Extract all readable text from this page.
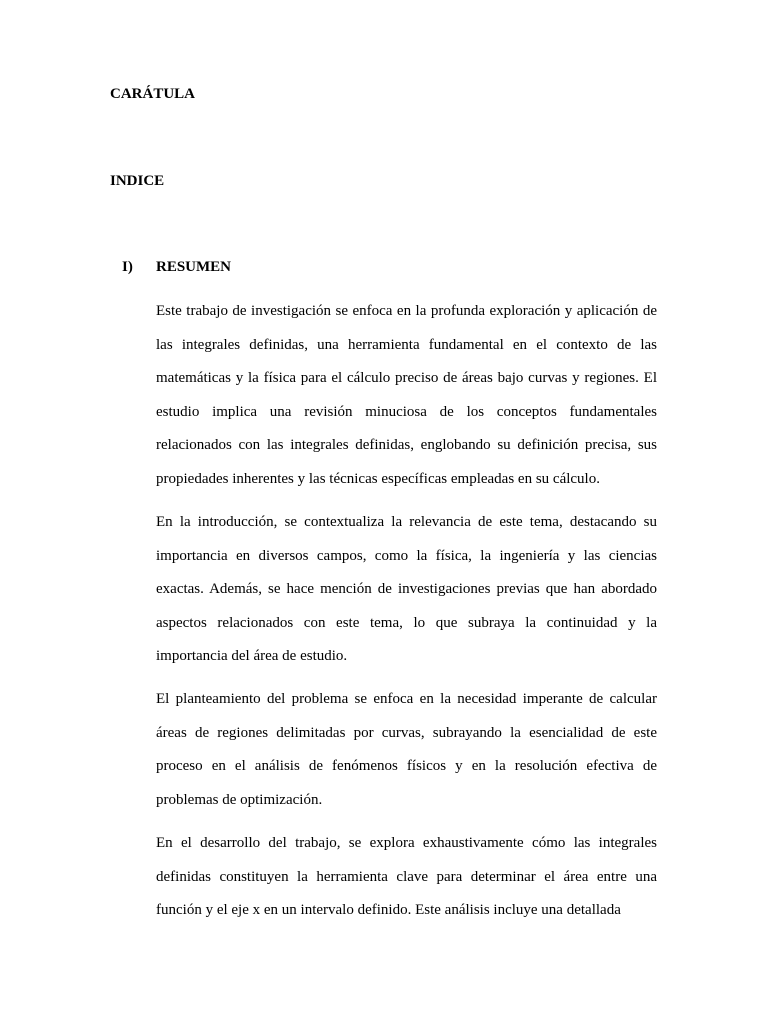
CARÁTULA
INDICE
I) RESUMEN

Este trabajo de investigación se enfoca en la profunda exploración y aplicación de las integrales definidas, una herramienta fundamental en el contexto de las matemáticas y la física para el cálculo preciso de áreas bajo curvas y regiones. El estudio implica una revisión minuciosa de los conceptos fundamentales relacionados con las integrales definidas, englobando su definición precisa, sus propiedades inherentes y las técnicas específicas empleadas en su cálculo.

En la introducción, se contextualiza la relevancia de este tema, destacando su importancia en diversos campos, como la física, la ingeniería y las ciencias exactas. Además, se hace mención de investigaciones previas que han abordado aspectos relacionados con este tema, lo que subraya la continuidad y la importancia del área de estudio.

El planteamiento del problema se enfoca en la necesidad imperante de calcular áreas de regiones delimitadas por curvas, subrayando la esencialidad de este proceso en el análisis de fenómenos físicos y en la resolución efectiva de problemas de optimización.

En el desarrollo del trabajo, se explora exhaustivamente cómo las integrales definidas constituyen la herramienta clave para determinar el área entre una función y el eje x en un intervalo definido. Este análisis incluye una detallada
